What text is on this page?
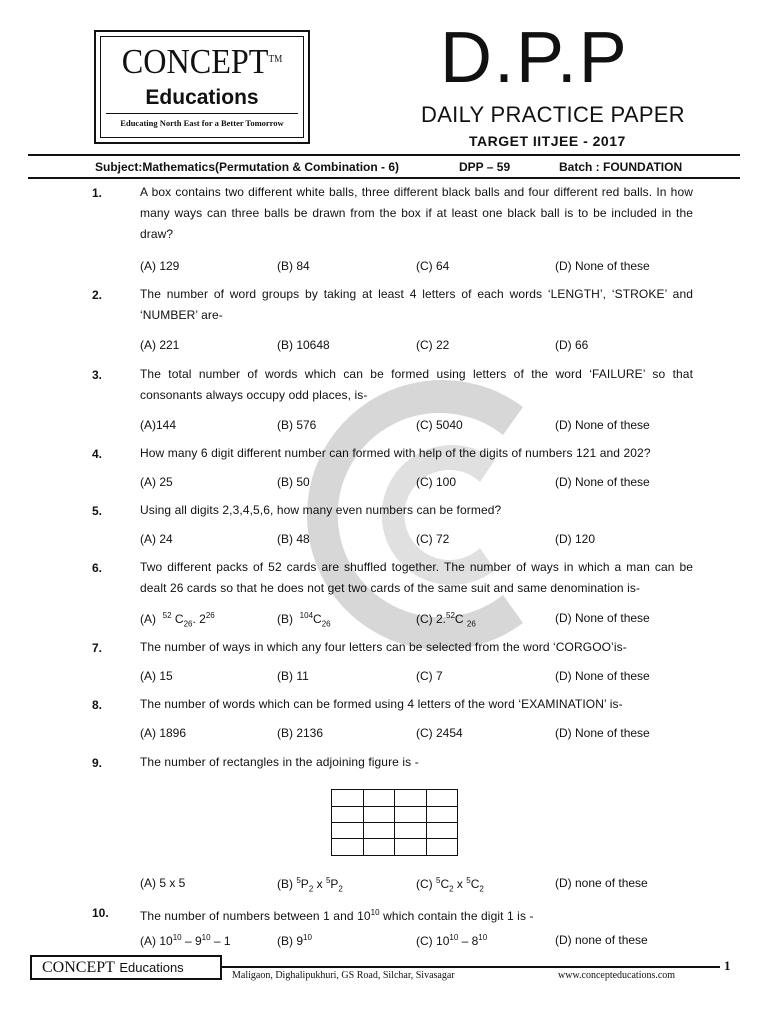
CONCEPT™
Educations
Educating North East for a Better Tomorrow
D.P.P
DAILY PRACTICE PAPER
TARGET IITJEE - 2017
Subject:Mathematics(Permutation & Combination - 6)	DPP – 59	Batch : FOUNDATION
1.	A box contains two different white balls, three different black balls and four different red balls. In how many ways can three balls be drawn from the box if at least one black ball is to be included in the draw?
(A) 129	(B) 84	(C) 64	(D) None of these
2.	The number of word groups by taking at least 4 letters of each words ‘LENGTH’, ‘STROKE’ and ‘NUMBER’ are-
(A) 221	(B) 10648	(C) 22	(D) 66
3.	The total number of words which can be formed using letters of the word ‘FAILURE’ so that consonants always occupy odd places, is-
(A)144	(B) 576	(C) 5040	(D) None of these
4.	How many 6 digit different number can formed with help of the digits of numbers 121 and 202?
(A) 25	(B) 50	(C) 100	(D) None of these
5.	Using all digits 2,3,4,5,6, how many even numbers can be formed?
(A) 24	(B) 48	(C) 72	(D) 120
6.	Two different packs of 52 cards are shuffled together. The number of ways in which a man can be dealt 26 cards so that he does not get two cards of the same suit and same denomination is-
(A) $^{52}$ $C_{26}$. $2^{26}$	(B) $^{104}C_{26}$	(C) 2.52C $_{26}$	(D) None of these
7.	The number of ways in which any four letters can be selected from the word ‘CORGOO’is-
(A) 15	(B) 11	(C) 7	(D) None of these
8.	The number of words which can be formed using 4 letters of the word ‘EXAMINATION’ is-
(A) 1896	(B) 2136	(C) 2454	(D) None of these
9.	The number of rectangles in the adjoining figure is -
(A) 5 x 5	(B) $^5P_2$ x $^5P_2$	(C) $^5C_2$ x $^5C_2$	(D) none of these
10.	The number of numbers between 1 and $10^{10}$ which contain the digit 1 is -
(A) $10^{10} - 9^{10} - 1$	(B) $9^{10}$	(C) $10^{10} - 8^{10}$	(D) none of these
CONCEPT Educations
Maligaon, Dighalipukhuri, GS Road, Silchar, Sivasagar	www.concepteducations.com
1
